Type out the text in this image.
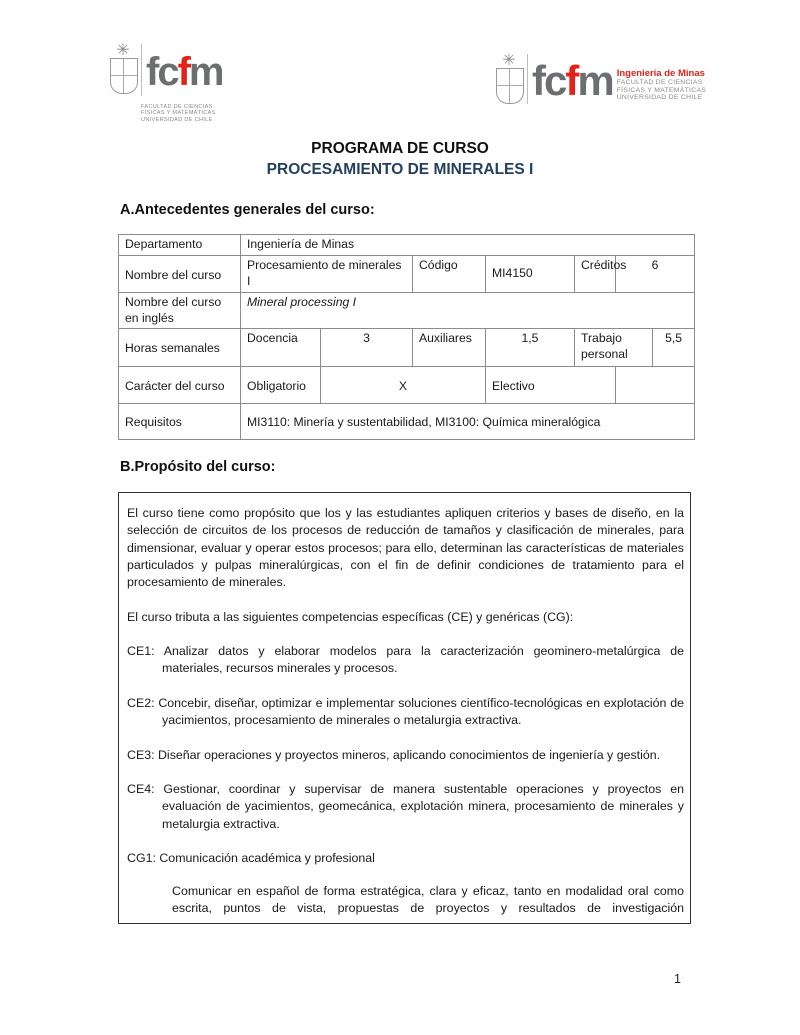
✳ fcfm
FACULTAD DE CIENCIAS
FÍSICAS Y MATEMÁTICAS
UNIVERSIDAD DE CHILE
✳ fcfm Ingeniería de Minas
FACULTAD DE CIENCIAS
FÍSICAS Y MATEMÁTICAS
UNIVERSIDAD DE CHILE
PROGRAMA DE CURSO
PROCESAMIENTO DE MINERALES I
A.Antecedentes generales del curso:
Departamento	Ingeniería de Minas						
Nombre del curso	Procesamiento de minerales I		Código	MI4150	Créditos	6	
Nombre del curso en inglés	Mineral processing I						
Horas semanales	Docencia	3	Auxiliares	1,5	Trabajo personal		5,5
Carácter del curso	Obligatorio	X		Electivo			
Requisitos	MI3110: Minería y sustentabilidad, MI3100: Química mineralógica						
B.Propósito del curso:

El curso tiene como propósito que los y las estudiantes apliquen criterios y bases de diseño, en la selección de circuitos de los procesos de reducción de tamaños y clasificación de minerales, para dimensionar, evaluar y operar estos procesos; para ello, determinan las características de materiales particulados y pulpas mineralúrgicas, con el fin de definir condiciones de tratamiento para el procesamiento de minerales.

El curso tributa a las siguientes competencias específicas (CE) y genéricas (CG):

CE1: Analizar datos y elaborar modelos para la caracterización geominero-metalúrgica de materiales, recursos minerales y procesos.

CE2: Concebir, diseñar, optimizar e implementar soluciones científico-tecnológicas en explotación de yacimientos, procesamiento de minerales o metalurgia extractiva.

CE3: Diseñar operaciones y proyectos mineros, aplicando conocimientos de ingeniería y gestión.

CE4: Gestionar, coordinar y supervisar de manera sustentable operaciones y proyectos en evaluación de yacimientos, geomecánica, explotación minera, procesamiento de minerales y metalurgia extractiva.

CG1: Comunicación académica y profesional

Comunicar en español de forma estratégica, clara y eficaz, tanto en modalidad oral como escrita, puntos de vista, propuestas de proyectos y resultados de investigación

1
